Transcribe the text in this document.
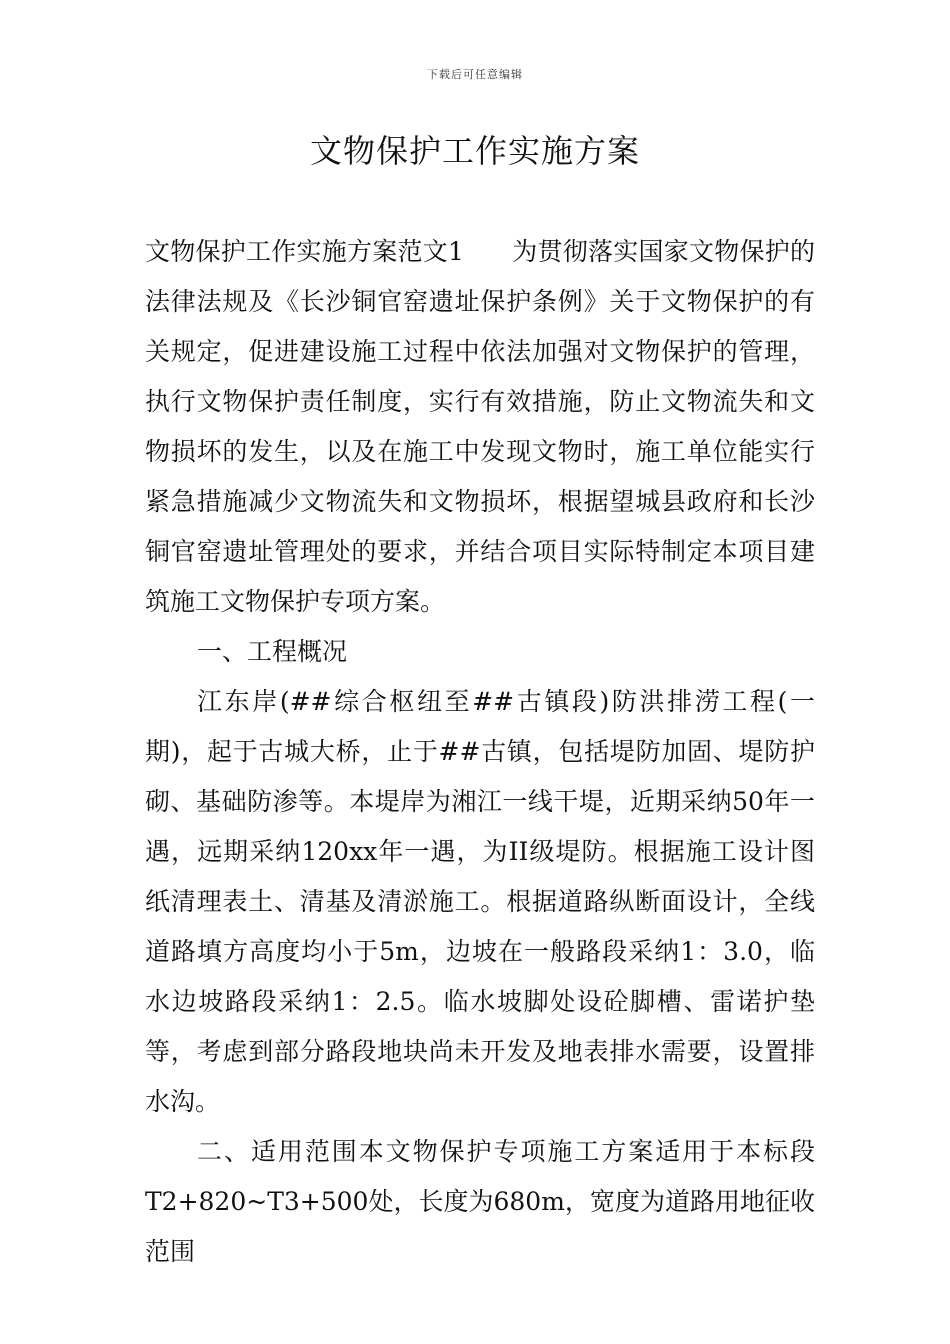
下载后可任意编辑
文物保护工作实施方案

文物保护工作实施方案范文1 为贯彻落实国家文物保护的法律法规及《长沙铜官窑遗址保护条例》关于文物保护的有关规定，促进建设施工过程中依法加强对文物保护的管理，执行文物保护责任制度，实行有效措施，防止文物流失和文物损坏的发生，以及在施工中发现文物时，施工单位能实行紧急措施减少文物流失和文物损坏，根据望城县政府和长沙铜官窑遗址管理处的要求，并结合项目实际特制定本项目建筑施工文物保护专项方案。

一、工程概况

江东岸(##综合枢纽至##古镇段)防洪排涝工程(一期)，起于古城大桥，止于##古镇，包括堤防加固、堤防护砌、基础防渗等。本堤岸为湘江一线干堤，近期采纳50年一遇，远期采纳120xx年一遇，为II级堤防。根据施工设计图纸清理表土、清基及清淤施工。根据道路纵断面设计，全线道路填方高度均小于5m，边坡在一般路段采纳1：3.0，临水边坡路段采纳1：2.5。临水坡脚处设砼脚槽、雷诺护垫等，考虑到部分路段地块尚未开发及地表排水需要，设置排水沟。

二、适用范围本文物保护专项施工方案适用于本标段T2+820~T3+500处，长度为680m，宽度为道路用地征收范围
